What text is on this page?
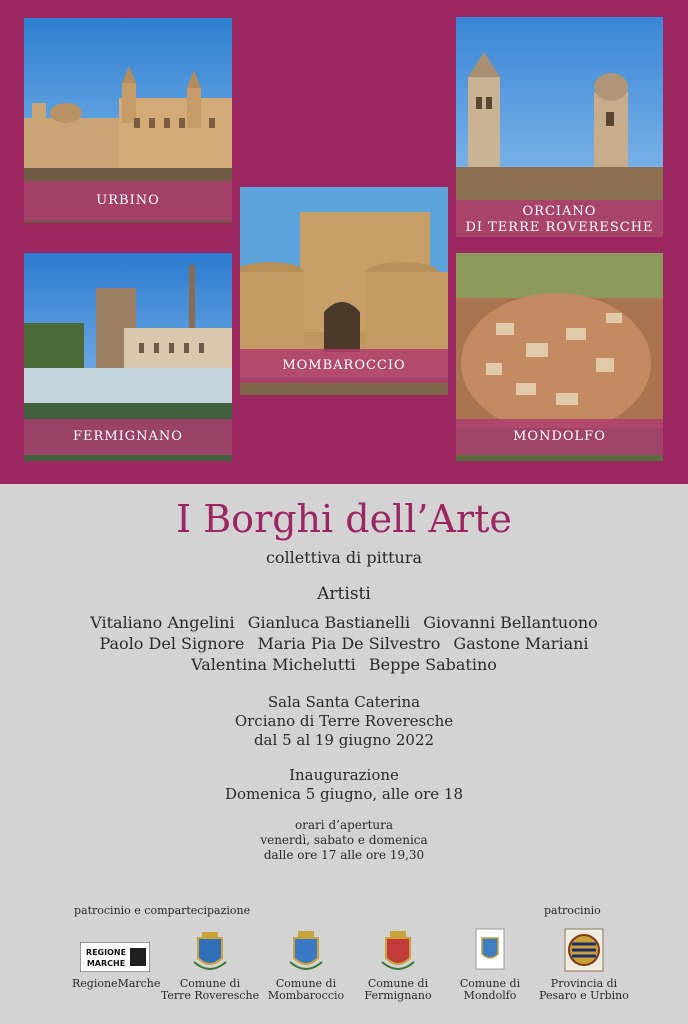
URBINO
ORCIANO
DI TERRE ROVERESCHE
MOMBAROCCIO
FERMIGNANO	MONDOLFO
I Borghi dell’Arte
collettiva di pittura
Artisti
Vitaliano Angelini Gianluca Bastianelli Giovanni Bellantuono
Paolo Del Signore Maria Pia De Silvestro Gastone Mariani
Valentina Michelutti Beppe Sabatino
Sala Santa Caterina
Orciano di Terre Roveresche
dal 5 al 19 giugno 2022
Inaugurazione
Domenica 5 giugno, alle ore 18
orari d’apertura
venerdì, sabato e domenica
dalle ore 17 alle ore 19,30
patrocinio e compartecipazione	patrocinio
REGIONE
MARCHE
RegioneMarche	Comune di
Terre Roveresche
Comune di
Mombaroccio
Comune di
Fermignano
Comune di
Mondolfo
Provincia di
Pesaro e Urbino
